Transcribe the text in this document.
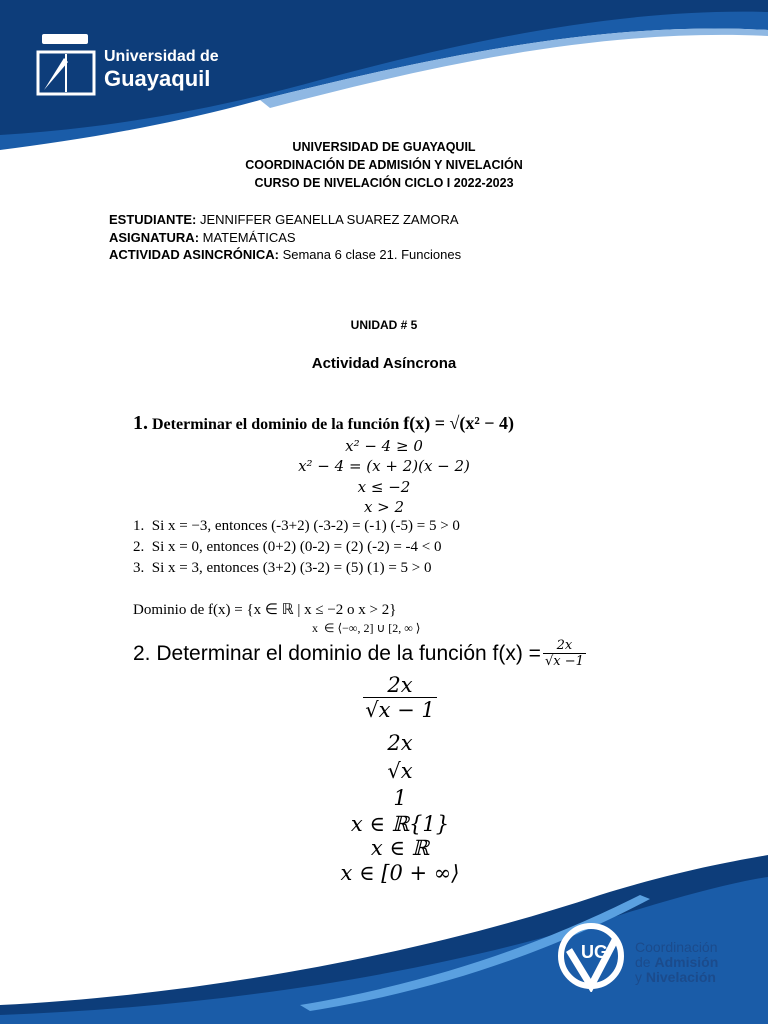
Universidad de
Guayaquil
UNIVERSIDAD DE GUAYAQUIL
COORDINACIÓN DE ADMISIÓN Y NIVELACIÓN
CURSO DE NIVELACIÓN CICLO I 2022-2023
ESTUDIANTE: JENNIFFER GEANELLA SUAREZ ZAMORA
ASIGNATURA: MATEMÁTICAS
ACTIVIDAD ASINCRÓNICA: Semana 6 clase 21. Funciones
UNIDAD # 5
Actividad Asíncrona
1. Determinar el dominio de la función f(x) = √(x² − 4)
x² − 4 ≥ 0
x² − 4 = (x + 2)(x − 2)
x ≤ −2
x > 2
1.  Si x = −3, entonces (-3+2) (-3-2) = (-1) (-5) = 5 > 0
2.  Si x = 0, entonces (0+2) (0-2) = (2) (-2) = -4 < 0
3.  Si x = 3, entonces (3+2) (3-2) = (5) (1) = 5 > 0
Dominio de f(x) = {x ∈ ℝ | x ≤ −2 o x > 2}
x  ∈ ⟨−∞, 2] ∪ [2, ∞ ⟩
2. Determinar el dominio de la función $f(x) = \frac{2x}{√x -1}$
$\frac{2x}{√x - 1}$
2x
√x
1
x ∈ ℝ{1}
x ∈ ℝ
x ∈ [0 + ∞⟩
UG Coordinación
de Admisión
y Nivelación
